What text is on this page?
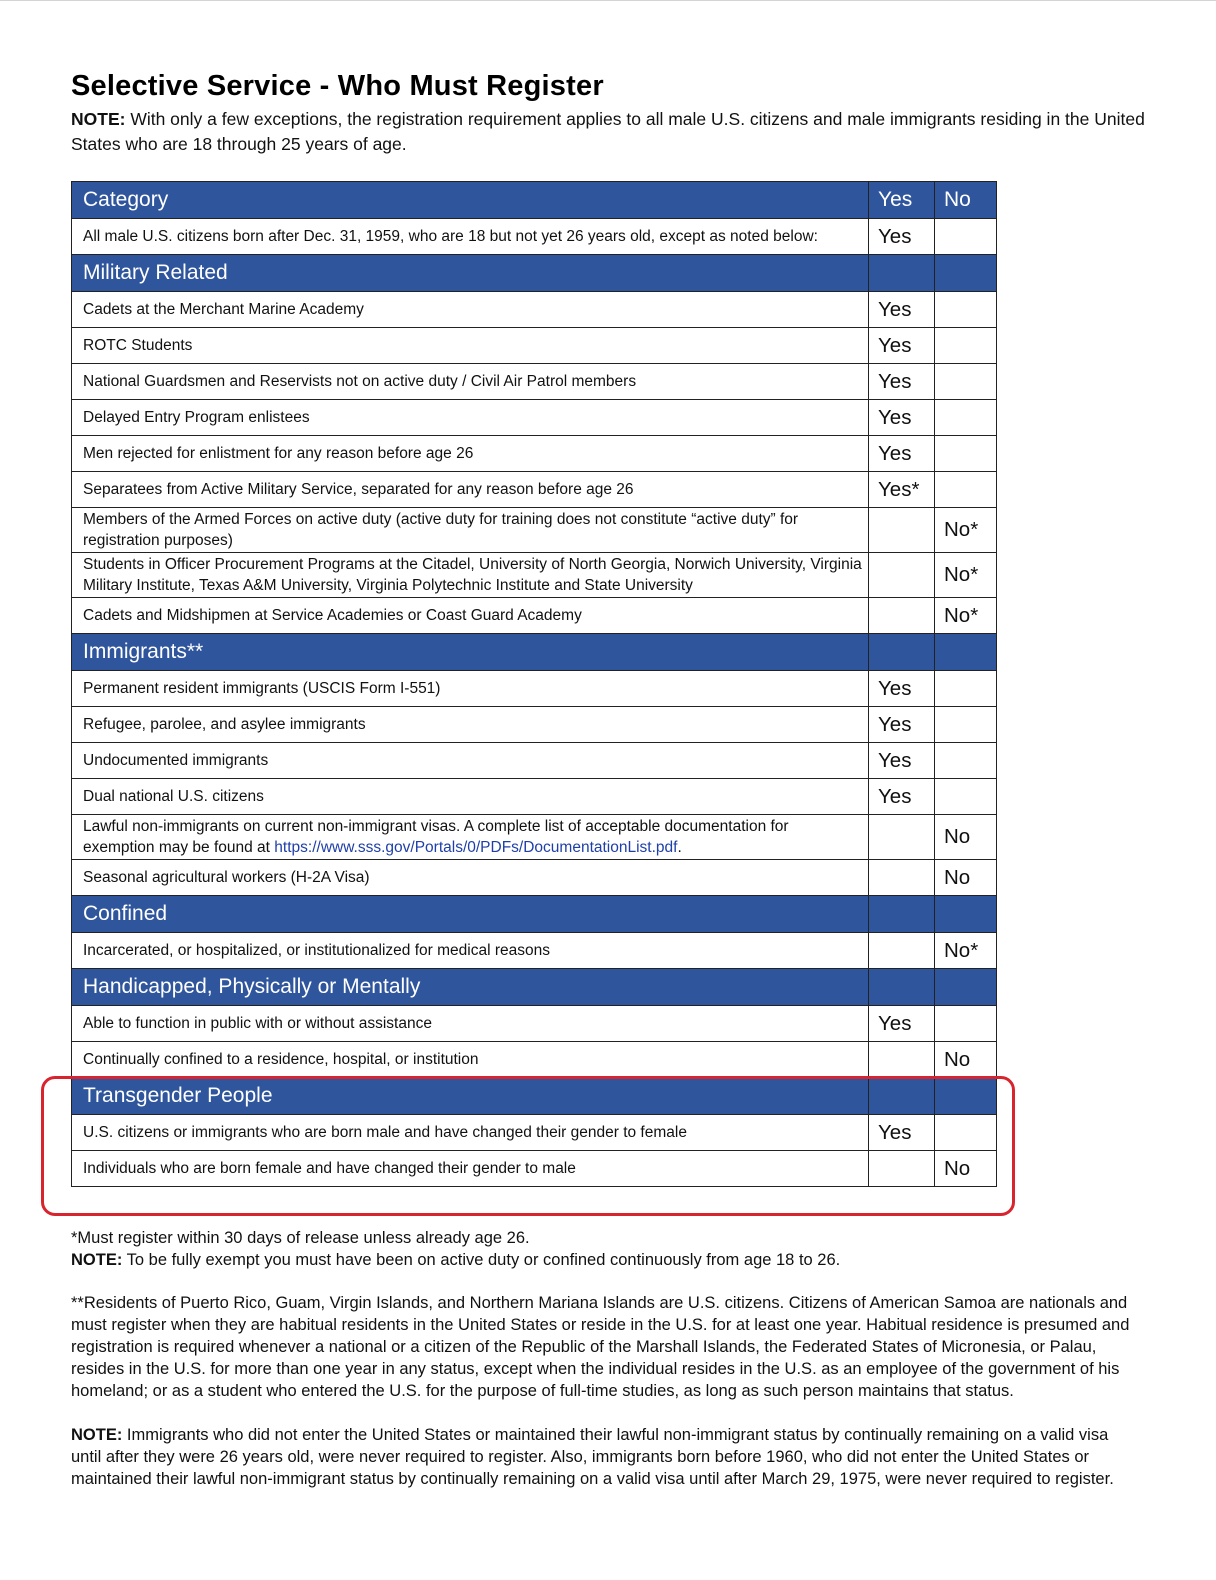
Selective Service - Who Must Register
NOTE: With only a few exceptions, the registration requirement applies to all male U.S. citizens and male immigrants residing in the United States who are 18 through 25 years of age.
Category	Yes	No
All male U.S. citizens born after Dec. 31, 1959, who are 18 but not yet 26 years old, except as noted below:	Yes	
Military Related		
Cadets at the Merchant Marine Academy	Yes	
ROTC Students	Yes	
National Guardsmen and Reservists not on active duty / Civil Air Patrol members	Yes	
Delayed Entry Program enlistees	Yes	
Men rejected for enlistment for any reason before age 26	Yes	
Separatees from Active Military Service, separated for any reason before age 26	Yes*	
Members of the Armed Forces on active duty (active duty for training does not constitute “active duty” for registration purposes)		No*
Students in Officer Procurement Programs at the Citadel, University of North Georgia, Norwich University, Virginia Military Institute, Texas A&M University, Virginia Polytechnic Institute and State University		No*
Cadets and Midshipmen at Service Academies or Coast Guard Academy		No*
Immigrants**		
Permanent resident immigrants (USCIS Form I-551)	Yes	
Refugee, parolee, and asylee immigrants	Yes	
Undocumented immigrants	Yes	
Dual national U.S. citizens	Yes	
Lawful non-immigrants on current non-immigrant visas. A complete list of acceptable documentation for exemption may be found at https://www.sss.gov/Portals/0/PDFs/DocumentationList.pdf.		No
Seasonal agricultural workers (H-2A Visa)		No
Confined		
Incarcerated, or hospitalized, or institutionalized for medical reasons		No*
Handicapped, Physically or Mentally		
Able to function in public with or without assistance	Yes	
Continually confined to a residence, hospital, or institution		No
Transgender People		
U.S. citizens or immigrants who are born male and have changed their gender to female	Yes	
Individuals who are born female and have changed their gender to male		No

*Must register within 30 days of release unless already age 26.

NOTE: To be fully exempt you must have been on active duty or confined continuously from age 18 to 26.

**Residents of Puerto Rico, Guam, Virgin Islands, and Northern Mariana Islands are U.S. citizens. Citizens of American Samoa are nationals and must register when they are habitual residents in the United States or reside in the U.S. for at least one year. Habitual residence is presumed and registration is required whenever a national or a citizen of the Republic of the Marshall Islands, the Federated States of Micronesia, or Palau, resides in the U.S. for more than one year in any status, except when the individual resides in the U.S. as an employee of the government of his homeland; or as a student who entered the U.S. for the purpose of full-time studies, as long as such person maintains that status.

NOTE: Immigrants who did not enter the United States or maintained their lawful non-immigrant status by continually remaining on a valid visa until after they were 26 years old, were never required to register. Also, immigrants born before 1960, who did not enter the United States or maintained their lawful non-immigrant status by continually remaining on a valid visa until after March 29, 1975, were never required to register.
